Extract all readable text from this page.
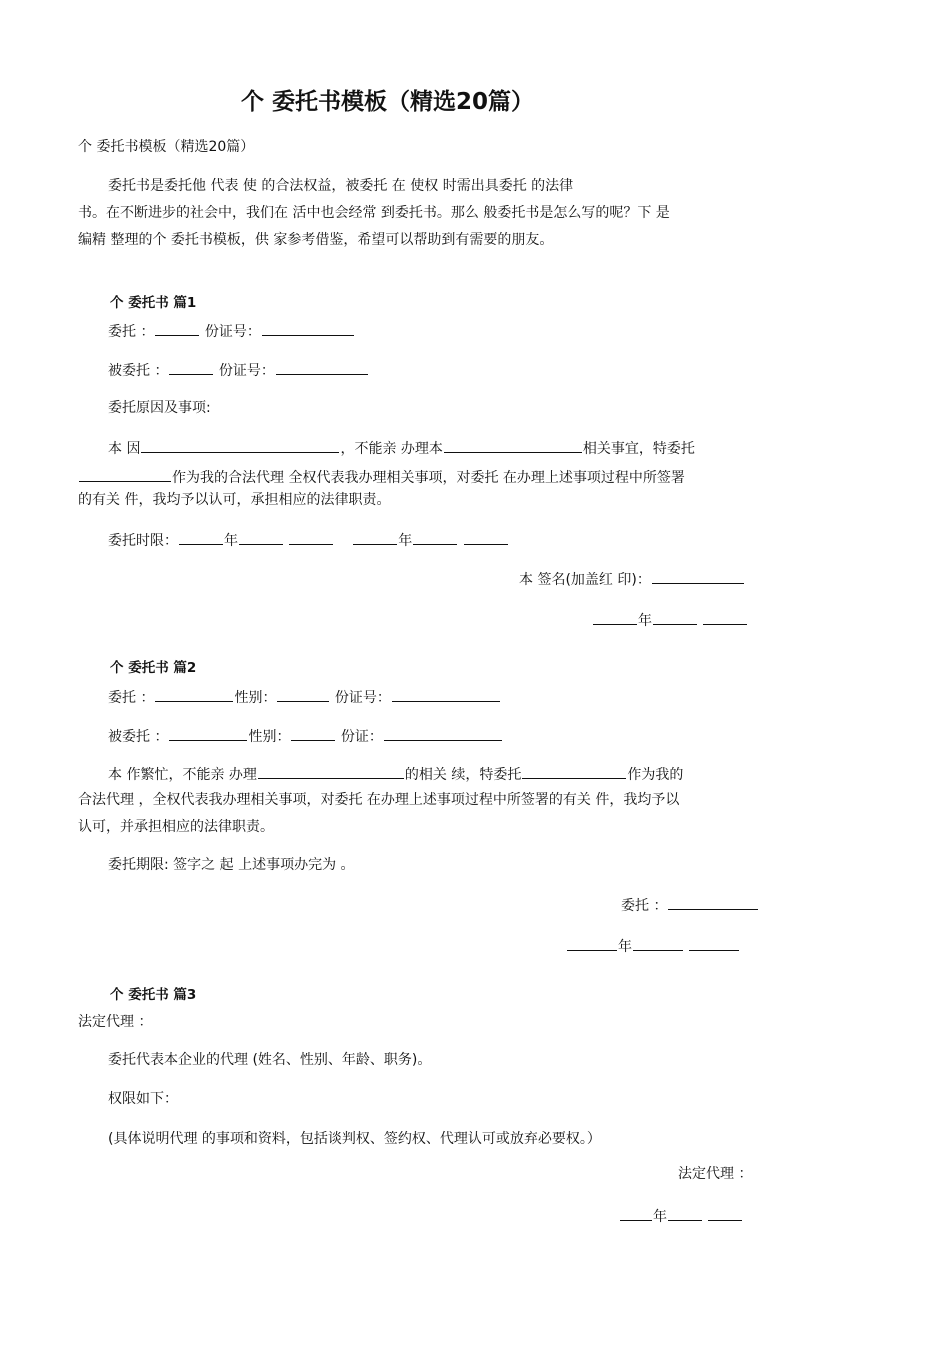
个 委托书模板（精选20篇）
个 委托书模板（精选20篇）
委托书是委托他 代表 使 的合法权益，被委托 在 使权 时需出具委托 的法律
书。在不断进步的社会中，我们在 活中也会经常 到委托书。那么 般委托书是怎么写的呢？下 是
编精 整理的个 委托书模板，供 家参考借鉴，希望可以帮助到有需要的朋友。
个 委托书 篇1
委托 ：	份证号：
被委托 ：	份证号：
委托原因及事项:
本 因	，不能亲 办理本	相关事宜，特委托
作为我的合法代理 全权代表我办理相关事项，对委托 在办理上述事项过程中所签署
的有关 件，我均予以认可，承担相应的法律职责。
委托时限：	年	年
本 签名(加盖红 印)：
年
个 委托书 篇2
委托 ：	性别：	份证号：
被委托 ：	性别：	份证：
本 作繁忙，不能亲 办理	的相关 续，特委托	作为我的
合法代理 ，全权代表我办理相关事项，对委托 在办理上述事项过程中所签署的有关 件，我均予以
认可，并承担相应的法律职责。
委托期限: 签字之 起 上述事项办完为 。
委托 ：
年
个 委托书 篇3
法定代理 ：
委托代表本企业的代理 (姓名、性别、年龄、职务)。
权限如下：
(具体说明代理 的事项和资料，包括谈判权、签约权、代理认可或放弃必要权。）
法定代理 ：
年
